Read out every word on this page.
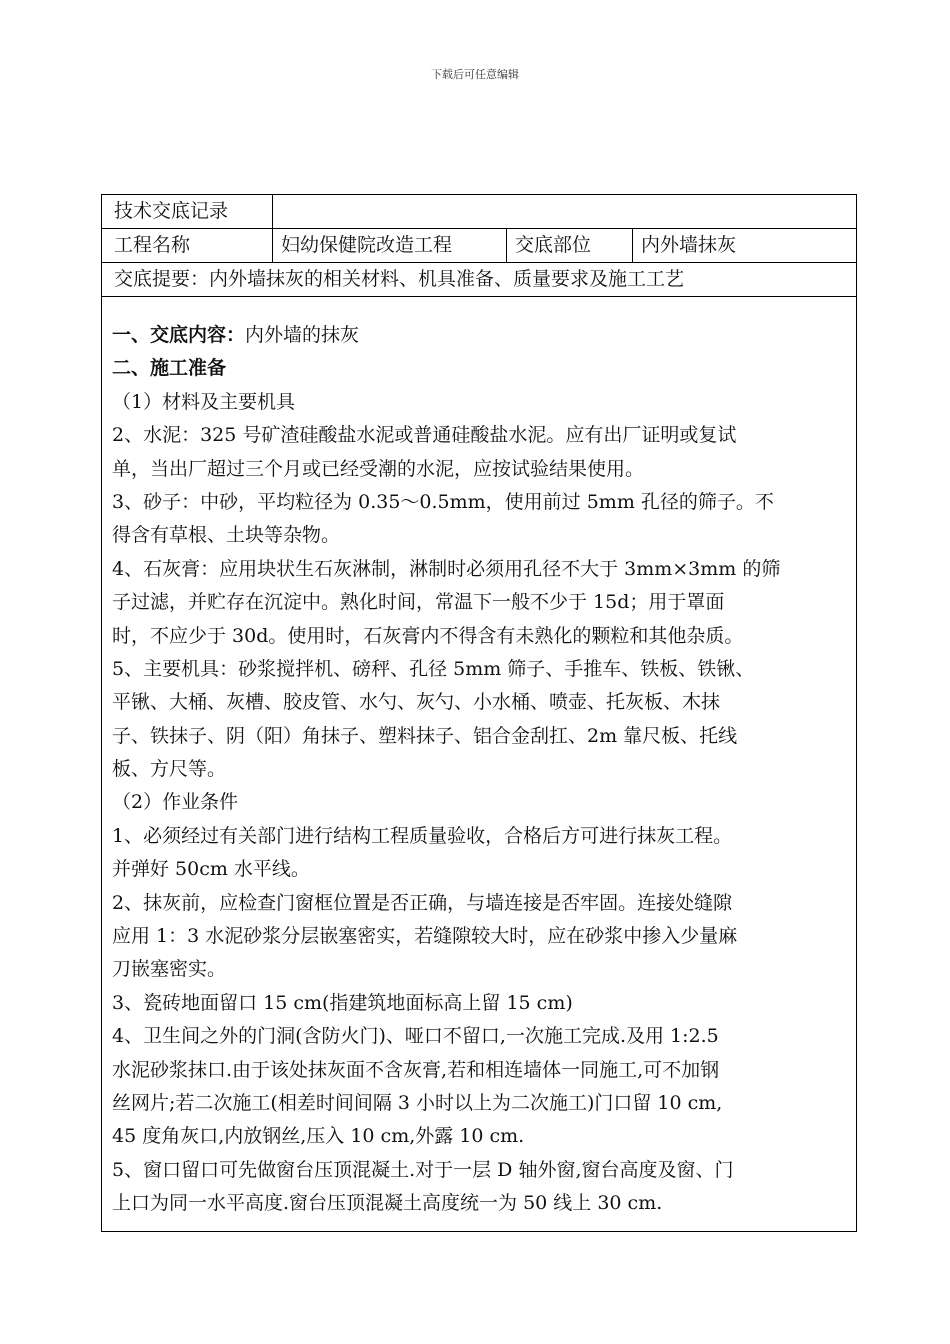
下载后可任意编辑
技术交底记录
工程名称	妇幼保健院改造工程	交底部位	内外墙抹灰
交底提要：内外墙抹灰的相关材料、机具准备、质量要求及施工工艺
一、交底内容：内外墙的抹灰
二、施工准备
（1）材料及主要机具
2、水泥：325 号矿渣硅酸盐水泥或普通硅酸盐水泥。应有出厂证明或复试
单，当出厂超过三个月或已经受潮的水泥，应按试验结果使用。
3、砂子：中砂，平均粒径为 0.35～0.5mm，使用前过 5mm 孔径的筛子。不
得含有草根、土块等杂物。
4、石灰膏：应用块状生石灰淋制，淋制时必须用孔径不大于 3mm×3mm 的筛
子过滤，并贮存在沉淀中。熟化时间，常温下一般不少于 15d；用于罩面
时，不应少于 30d。使用时，石灰膏内不得含有未熟化的颗粒和其他杂质。
5、主要机具：砂浆搅拌机、磅秤、孔径 5mm 筛子、手推车、铁板、铁锹、
平锹、大桶、灰槽、胶皮管、水勺、灰勺、小水桶、喷壶、托灰板、木抹
子、铁抹子、阴（阳）角抹子、塑料抹子、铝合金刮扛、2m 靠尺板、托线
板、方尺等。
（2）作业条件
1、必须经过有关部门进行结构工程质量验收，合格后方可进行抹灰工程。
并弹好 50cm 水平线。
2、抹灰前，应检查门窗框位置是否正确，与墙连接是否牢固。连接处缝隙
应用 1：3 水泥砂浆分层嵌塞密实，若缝隙较大时，应在砂浆中掺入少量麻
刀嵌塞密实。
3、瓷砖地面留口 15 cm(指建筑地面标高上留 15 cm)
4、卫生间之外的门洞(含防火门)、哑口不留口,一次施工完成.及用 1:2.5
水泥砂浆抹口.由于该处抹灰面不含灰膏,若和相连墙体一同施工,可不加钢
丝网片;若二次施工(相差时间间隔 3 小时以上为二次施工)门口留 10 cm,
45 度角灰口,内放钢丝,压入 10 cm,外露 10 cm.
5、窗口留口可先做窗台压顶混凝土.对于一层 D 轴外窗,窗台高度及窗、门
上口为同一水平高度.窗台压顶混凝土高度统一为 50 线上 30 cm.
